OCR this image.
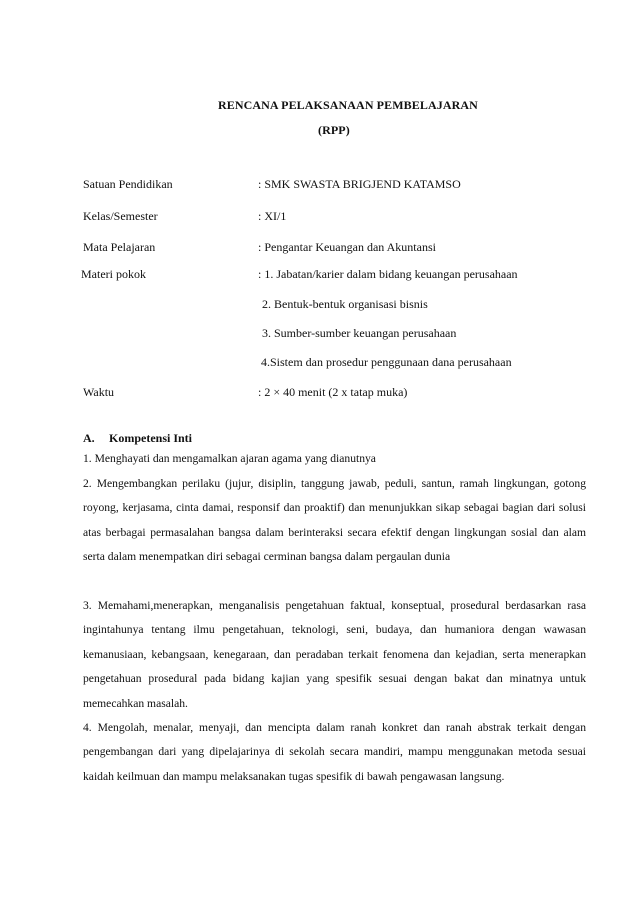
RENCANA PELAKSANAAN PEMBELAJARAN
(RPP)
Satuan Pendidikan	: SMK SWASTA BRIGJEND KATAMSO
Kelas/Semester	: XI/1
Mata Pelajaran	: Pengantar Keuangan dan Akuntansi
Materi pokok	: 1. Jabatan/karier dalam bidang keuangan perusahaan
2. Bentuk-bentuk organisasi bisnis
3. Sumber-sumber keuangan perusahaan
4.Sistem dan prosedur penggunaan dana perusahaan
Waktu	: 2 × 40 menit (2 x tatap muka)
A. Kompetensi Inti

1. Menghayati dan mengamalkan ajaran agama yang dianutnya

2. Mengembangkan perilaku (jujur, disiplin, tanggung jawab, peduli, santun, ramah lingkungan, gotong royong, kerjasama, cinta damai, responsif dan proaktif) dan menunjukkan sikap sebagai bagian dari solusi atas berbagai permasalahan bangsa dalam berinteraksi secara efektif dengan lingkungan sosial dan alam serta dalam menempatkan diri sebagai cerminan bangsa dalam pergaulan dunia

3. Memahami,menerapkan, menganalisis pengetahuan faktual, konseptual, prosedural berdasarkan rasa ingintahunya tentang ilmu pengetahuan, teknologi, seni, budaya, dan humaniora dengan wawasan kemanusiaan, kebangsaan, kenegaraan, dan peradaban terkait fenomena dan kejadian, serta menerapkan pengetahuan prosedural pada bidang kajian yang spesifik sesuai dengan bakat dan minatnya untuk memecahkan masalah.

4. Mengolah, menalar, menyaji, dan mencipta dalam ranah konkret dan ranah abstrak terkait dengan pengembangan dari yang dipelajarinya di sekolah secara mandiri, mampu menggunakan metoda sesuai kaidah keilmuan dan mampu melaksanakan tugas spesifik di bawah pengawasan langsung.
